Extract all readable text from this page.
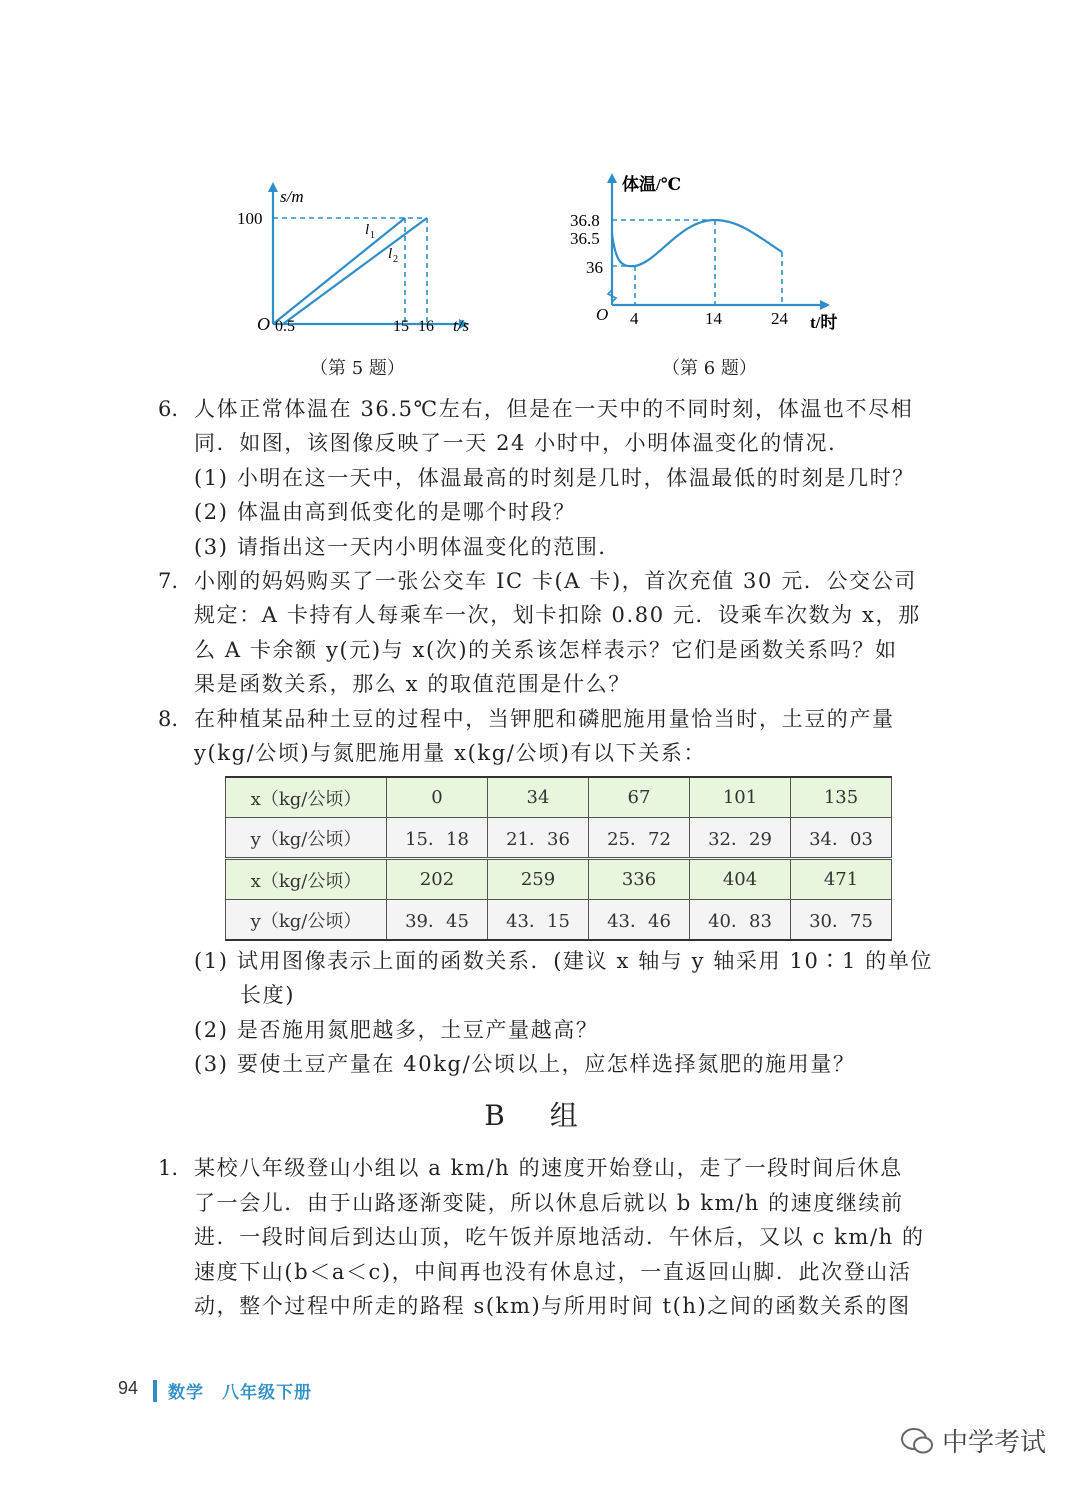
s/m
100
O 0.5	15 16 t/s
l 1
l 2
（第 5 题）
体温/℃
36.8
36.5
36
O 4	14	24 t/时
（第 6 题）
6. 人体正常体温在 36.5℃左右，但是在一天中的不同时刻，体温也不尽相
同．如图，该图像反映了一天 24 小时中，小明体温变化的情况．
(1) 小明在这一天中，体温最高的时刻是几时，体温最低的时刻是几时？
(2) 体温由高到低变化的是哪个时段？
(3) 请指出这一天内小明体温变化的范围．
7. 小刚的妈妈购买了一张公交车 IC 卡(A 卡)，首次充值 30 元．公交公司
规定：A 卡持有人每乘车一次，划卡扣除 0.80 元．设乘车次数为 x，那
么 A 卡余额 y(元)与 x(次)的关系该怎样表示？它们是函数关系吗？如
果是函数关系，那么 x 的取值范围是什么？
8. 在种植某品种土豆的过程中，当钾肥和磷肥施用量恰当时，土豆的产量
y(kg/公顷)与氮肥施用量 x(kg/公顷)有以下关系：
x（kg/公顷）	0	34	67	101	135
y（kg/公顷）	15．18	21．36	25．72	32．29	34．03
x（kg/公顷）	202	259	336	404	471
y（kg/公顷）	39．45	43．15	43．46	40．83	30．75
(1) 试用图像表示上面的函数关系．(建议 x 轴与 y 轴采用 10∶1 的单位
长度)
(2) 是否施用氮肥越多，土豆产量越高？
(3) 要使土豆产量在 40kg/公顷以上，应怎样选择氮肥的施用量？
B 组
1. 某校八年级登山小组以 a km/h 的速度开始登山，走了一段时间后休息
了一会儿．由于山路逐渐变陡，所以休息后就以 b km/h 的速度继续前
进．一段时间后到达山顶，吃午饭并原地活动．午休后，又以 c km/h 的
速度下山(b＜a＜c)，中间再也没有休息过，一直返回山脚．此次登山活
动，整个过程中所走的路程 s(km)与所用时间 t(h)之间的函数关系的图
94 数学　八年级下册
中学考试
